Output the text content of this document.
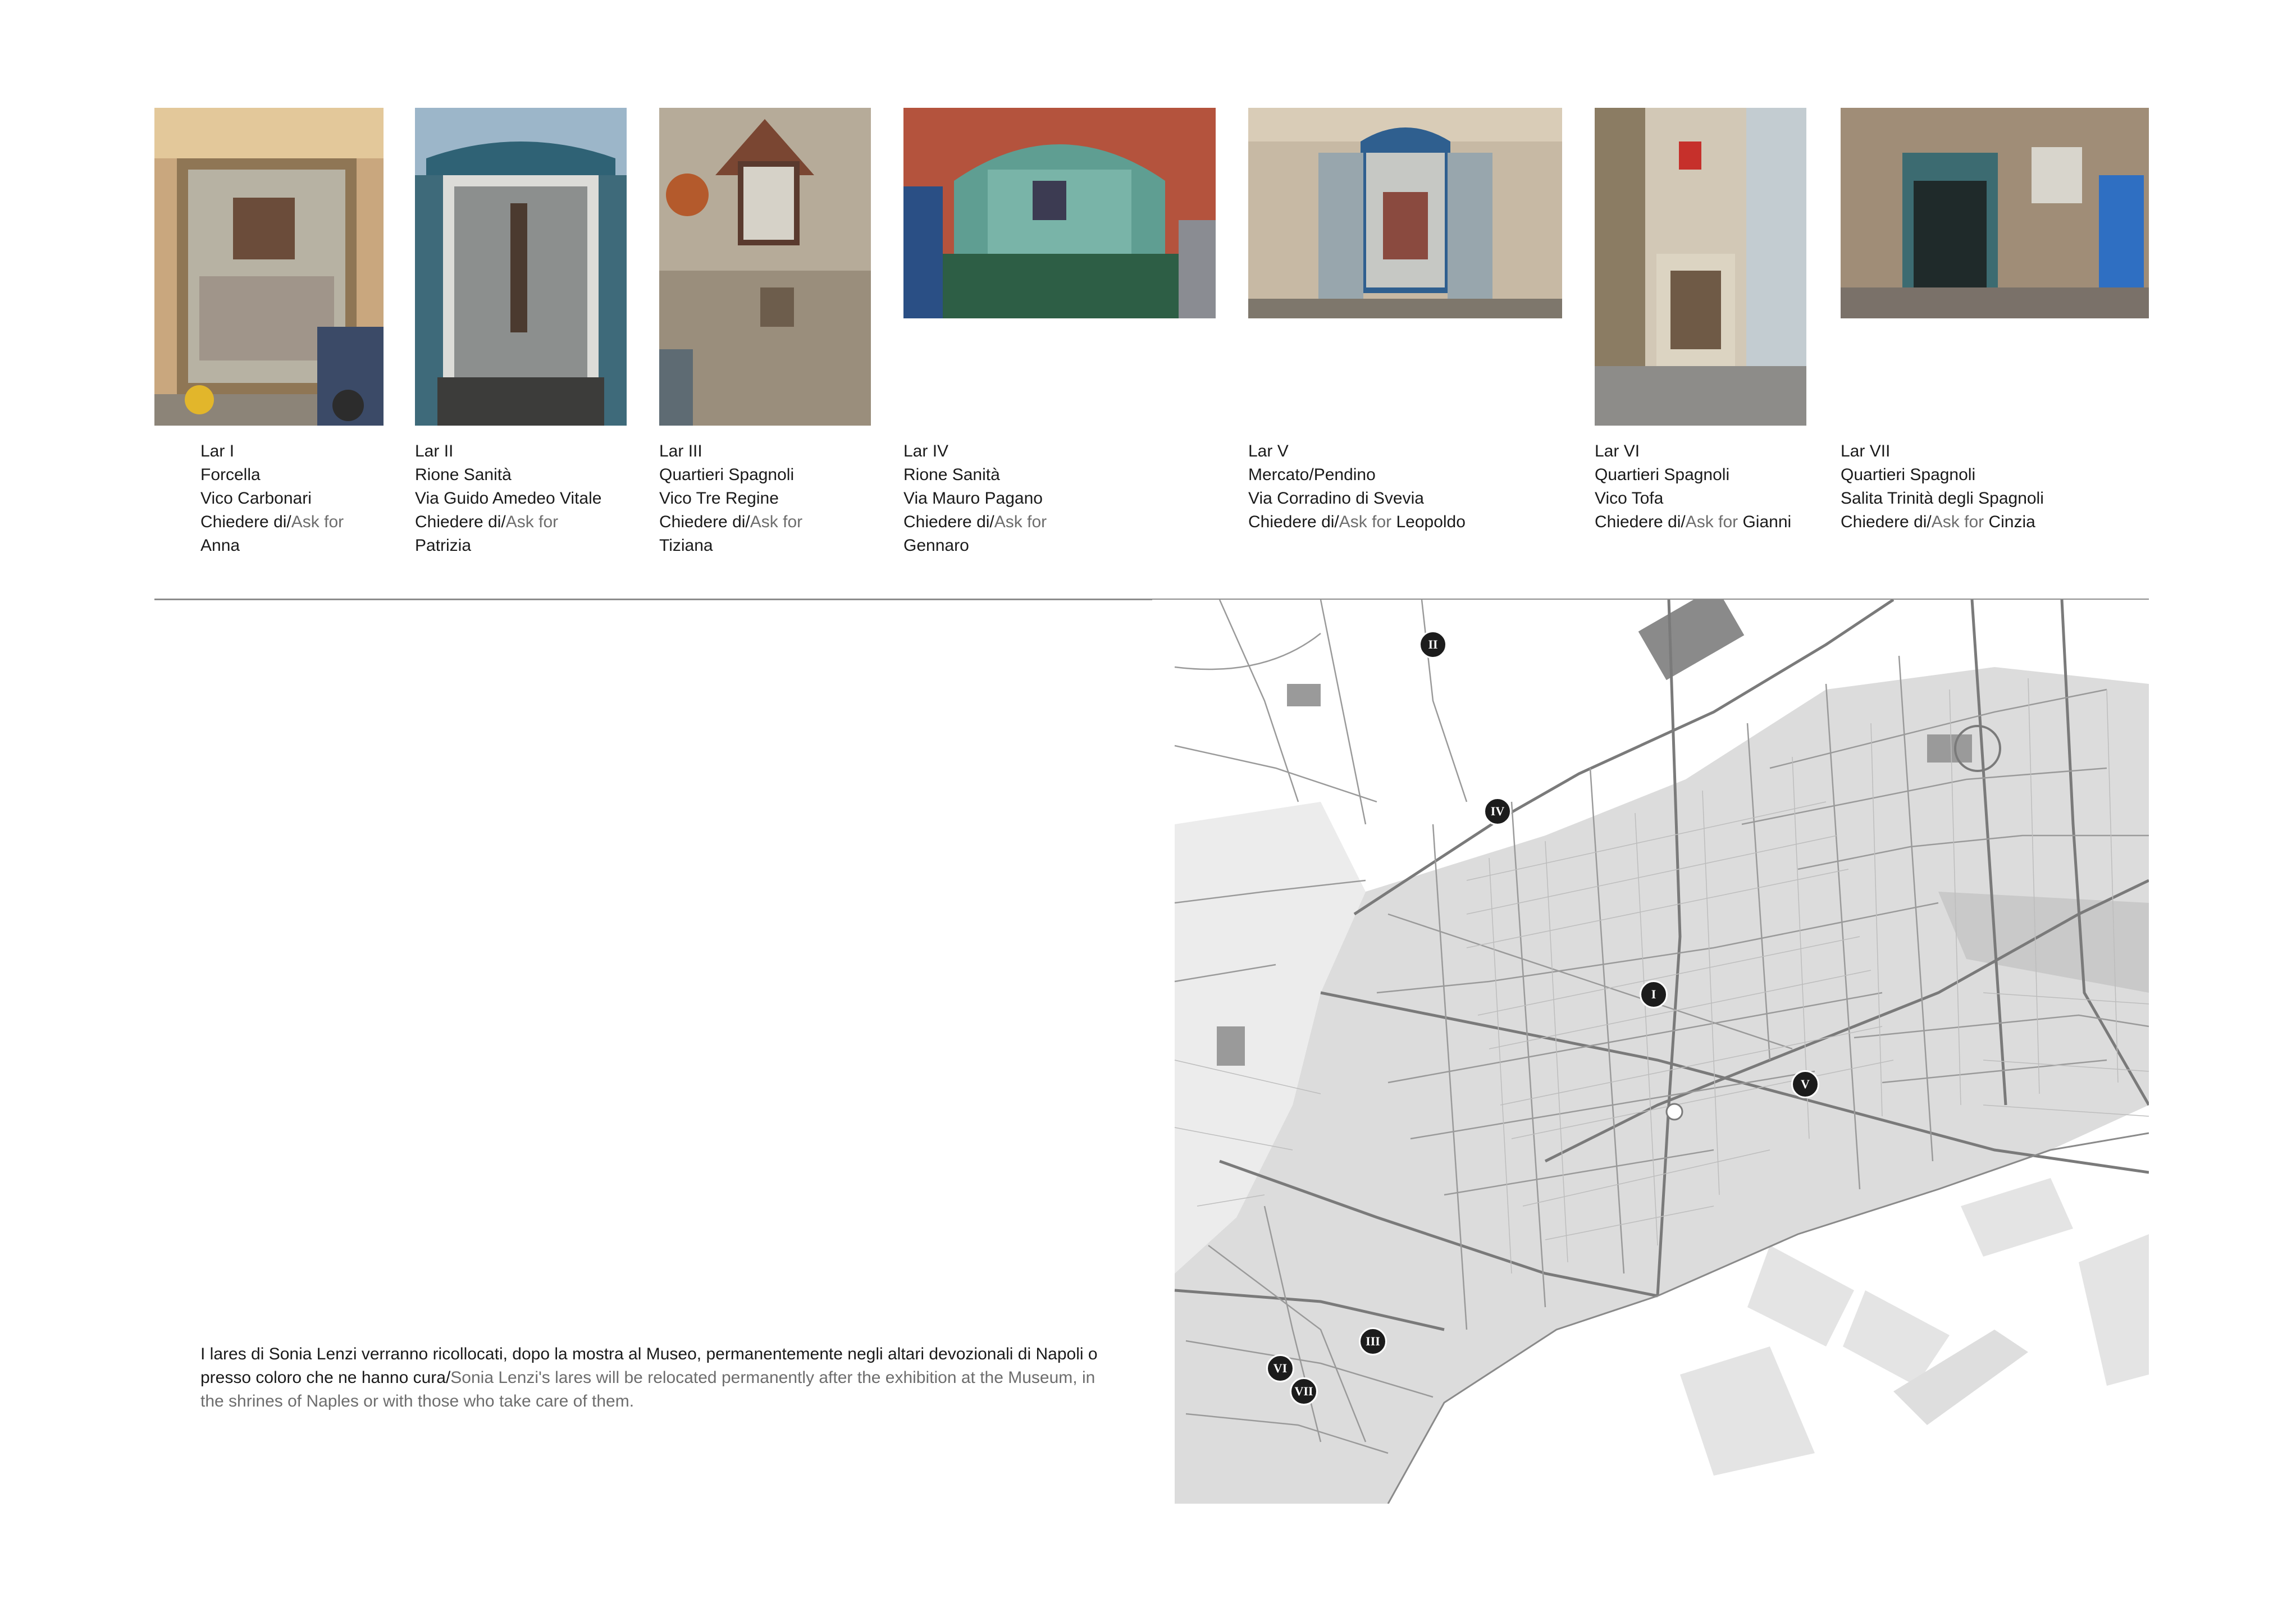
Lar I
Forcella
Vico Carbonari
Chiedere di/Ask for
Anna
Lar II
Rione Sanità
Via Guido Amedeo Vitale
Chiedere di/Ask for
Patrizia
Lar III
Quartieri Spagnoli
Vico Tre Regine
Chiedere di/Ask for
Tiziana
Lar IV
Rione Sanità
Via Mauro Pagano
Chiedere di/Ask for
Gennaro
Lar V
Mercato/Pendino
Via Corradino di Svevia
Chiedere di/Ask for Leopoldo
Lar VI
Quartieri Spagnoli
Vico Tofa
Chiedere di/Ask for Gianni
Lar VII
Quartieri Spagnoli
Salita Trinità degli Spagnoli
Chiedere di/Ask for Cinzia
I lares di Sonia Lenzi verranno ricollocati, dopo la mostra al Museo, permanentemente negli altari devozionali di Napoli o presso coloro che ne hanno cura/Sonia Lenzi's lares will be relocated permanently after the exhibition at the Museum, in the shrines of Naples or with those who take care of them.
II
IV
I
V
III
VI
VII
